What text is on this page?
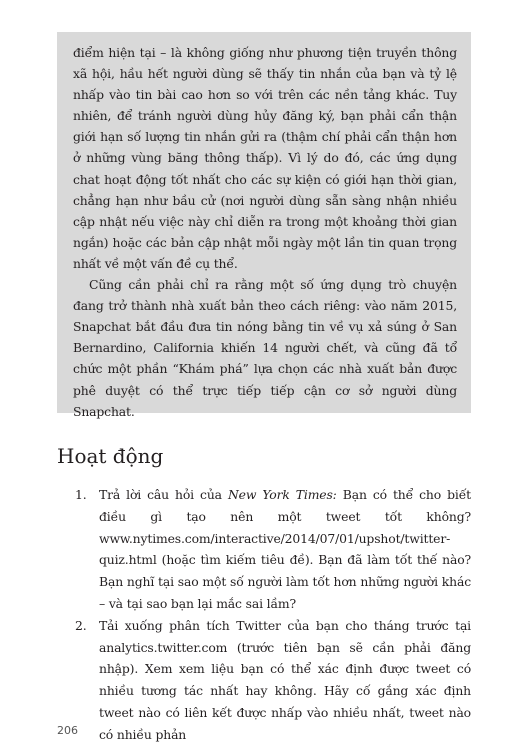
điểm hiện tại – là không giống như phương tiện truyền thông xã hội, hầu hết người dùng sẽ thấy tin nhắn của bạn và tỷ lệ nhấp vào tin bài cao hơn so với trên các nền tảng khác. Tuy nhiên, để tránh người dùng hủy đăng ký, bạn phải cẩn thận giới hạn số lượng tin nhắn gửi ra (thậm chí phải cẩn thận hơn ở những vùng băng thông thấp). Vì lý do đó, các ứng dụng chat hoạt động tốt nhất cho các sự kiện có giới hạn thời gian, chẳng hạn như bầu cử (nơi người dùng sẵn sàng nhận nhiều cập nhật nếu việc này chỉ diễn ra trong một khoảng thời gian ngắn) hoặc các bản cập nhật mỗi ngày một lần tin quan trọng nhất về một vấn đề cụ thể.

Cũng cần phải chỉ ra rằng một số ứng dụng trò chuyện đang trở thành nhà xuất bản theo cách riêng: vào năm 2015, Snapchat bắt đầu đưa tin nóng bằng tin về vụ xả súng ở San Bernardino, California khiến 14 người chết, và cũng đã tổ chức một phần “Khám phá” lựa chọn các nhà xuất bản được phê duyệt có thể trực tiếp tiếp cận cơ sở người dùng Snapchat.

Hoạt động
1. Trả lời câu hỏi của New York Times: Bạn có thể cho biết điều gì tạo nên một tweet tốt không? www.nytimes.com/interactive/2014/07/01/upshot/twitter-quiz.html (hoặc tìm kiếm tiêu đề). Bạn đã làm tốt thế nào? Bạn nghĩ tại sao một số người làm tốt hơn những người khác – và tại sao bạn lại mắc sai lầm?
2. Tải xuống phân tích Twitter của bạn cho tháng trước tại analytics.twitter.com (trước tiên bạn sẽ cần phải đăng nhập). Xem xem liệu bạn có thể xác định được tweet có nhiều tương tác nhất hay không. Hãy cố gắng xác định tweet nào có liên kết được nhấp vào nhiều nhất, tweet nào có nhiều phản
206
